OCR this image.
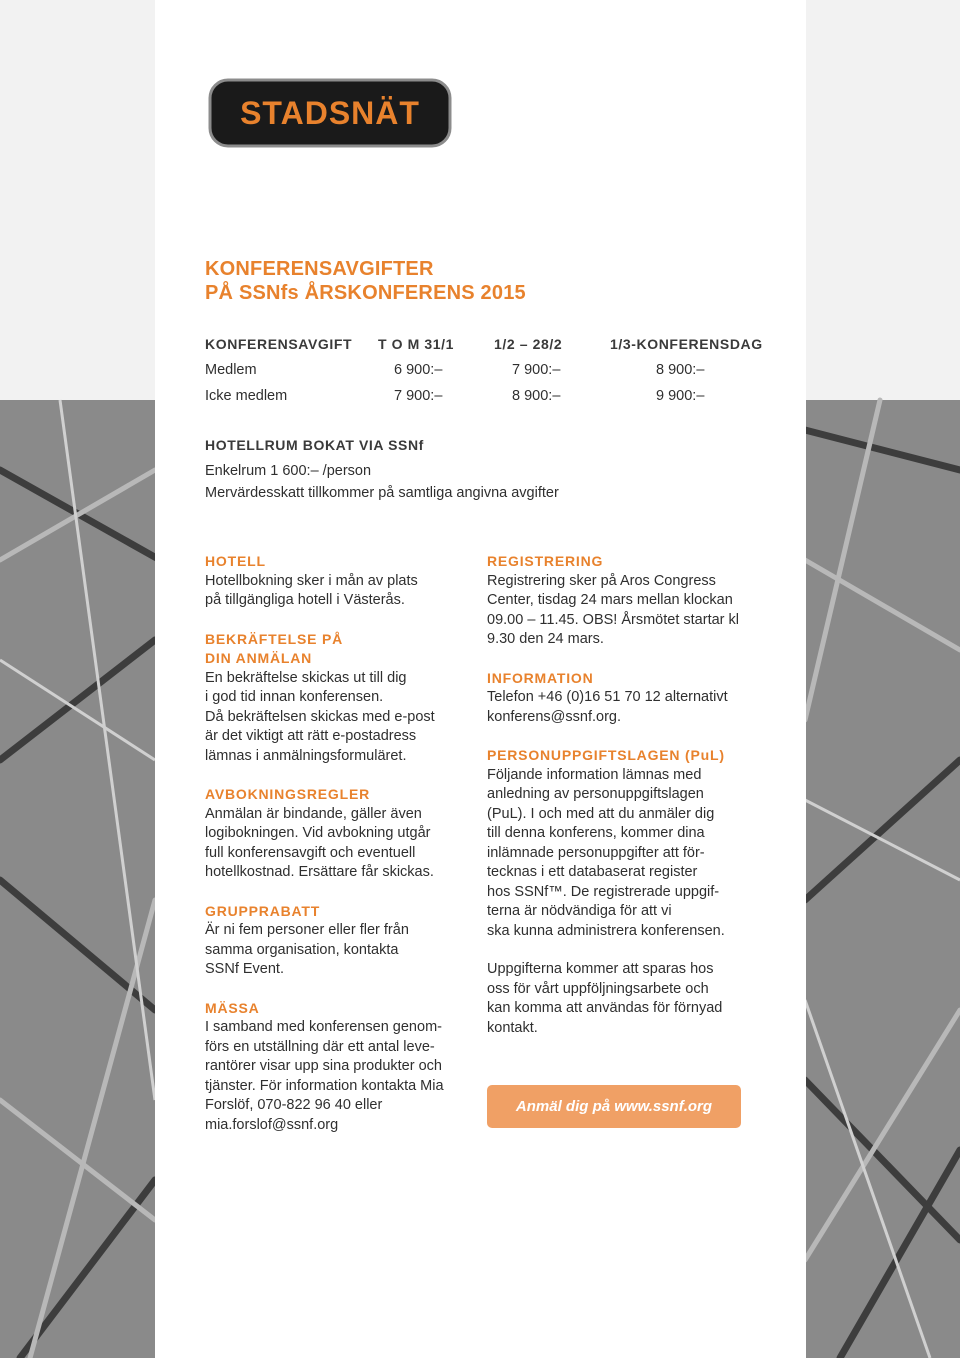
STADSNÄT
KONFERENSAVGIFTER
PÅ SSNfs ÅRSKONFERENS 2015
KONFERENSAVGIFT T O M 31/1	1/2 – 28/2	1/3-KONFERENSDAG
Medlem	6 900:–	7 900:–	8 900:–
Icke medlem	7 900:–	8 900:–	9 900:–
HOTELLRUM BOKAT VIA SSNf
Enkelrum 1 600:– /person
Mervärdesskatt tillkommer på samtliga angivna avgifter
HOTELL
Hotellbokning sker i mån av plats
på tillgängliga hotell i Västerås.
BEKRÄFTELSE PÅ
DIN ANMÄLAN
En bekräftelse skickas ut till dig
i god tid innan konferensen.
Då bekräftelsen skickas med e-post
är det viktigt att rätt e-postadress
lämnas i anmälningsformuläret.
AVBOKNINGSREGLER
Anmälan är bindande, gäller även
logibokningen. Vid avbokning utgår
full konferensavgift och eventuell
hotellkostnad. Ersättare får skickas.
GRUPPRABATT
Är ni fem personer eller fler från
samma organisation, kontakta
SSNf Event.
MÄSSA
I samband med konferensen genom-
förs en utställning där ett antal leve-
rantörer visar upp sina produkter och
tjänster. För information kontakta Mia
Forslöf, 070-822 96 40 eller
mia.forslof@ssnf.org
REGISTRERING
Registrering sker på Aros Congress
Center, tisdag 24 mars mellan klockan
09.00 – 11.45. OBS! Årsmötet startar kl
9.30 den 24 mars.
INFORMATION
Telefon +46 (0)16 51 70 12 alternativt
konferens@ssnf.org.
PERSONUPPGIFTSLAGEN (PuL)
Följande information lämnas med
anledning av personuppgiftslagen
(PuL). I och med att du anmäler dig
till denna konferens, kommer dina
inlämnade personuppgifter att för-
tecknas i ett databaserat register
hos SSNf™. De registrerade uppgif-
terna är nödvändiga för att vi
ska kunna administrera konferensen.
Uppgifterna kommer att sparas hos
oss för vårt uppföljningsarbete och
kan komma att användas för förnyad
kontakt.
Anmäl dig på www.ssnf.org
